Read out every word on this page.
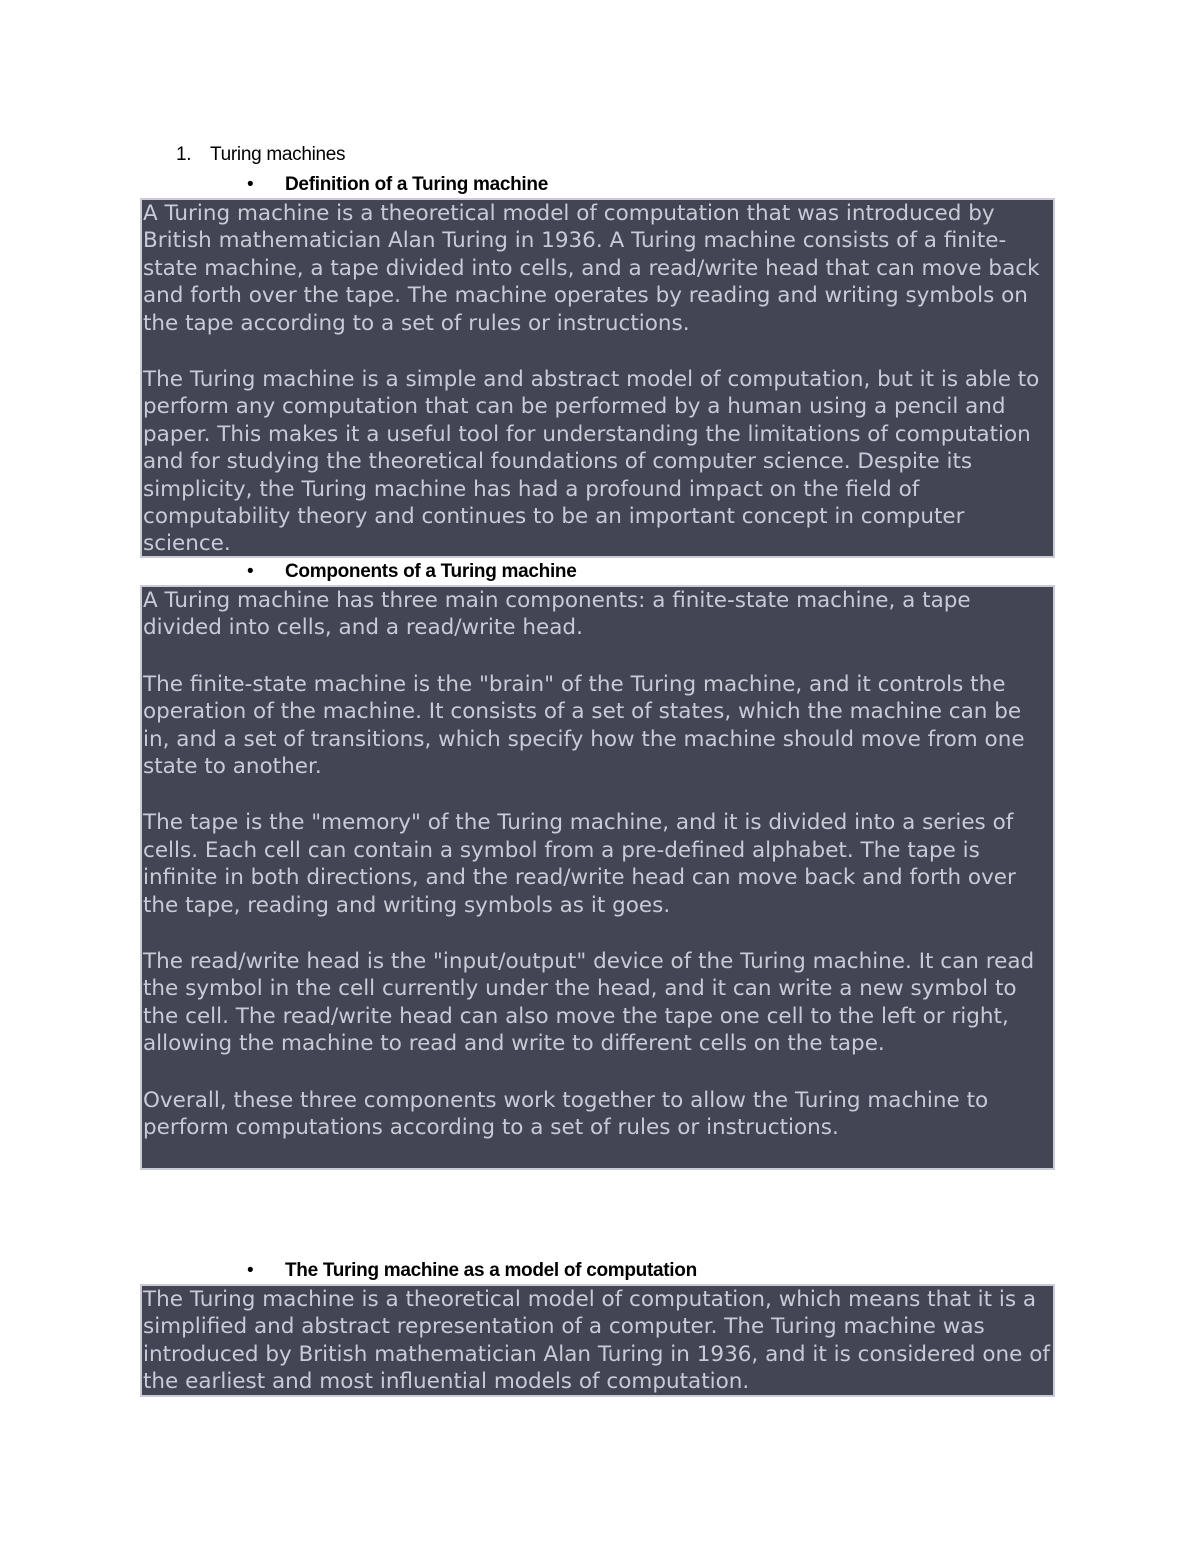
1. Turing machines
• Definition of a Turing machine

A Turing machine is a theoretical model of computation that was introduced by British mathematician Alan Turing in 1936. A Turing machine consists of a finite-state machine, a tape divided into cells, and a read/write head that can move back and forth over the tape. The machine operates by reading and writing symbols on the tape according to a set of rules or instructions.

The Turing machine is a simple and abstract model of computation, but it is able to perform any computation that can be performed by a human using a pencil and paper. This makes it a useful tool for understanding the limitations of computation and for studying the theoretical foundations of computer science. Despite its simplicity, the Turing machine has had a profound impact on the field of computability theory and continues to be an important concept in computer science.

• Components of a Turing machine

A Turing machine has three main components: a finite-state machine, a tape divided into cells, and a read/write head.

The finite-state machine is the "brain" of the Turing machine, and it controls the operation of the machine. It consists of a set of states, which the machine can be in, and a set of transitions, which specify how the machine should move from one state to another.

The tape is the "memory" of the Turing machine, and it is divided into a series of cells. Each cell can contain a symbol from a pre-defined alphabet. The tape is infinite in both directions, and the read/write head can move back and forth over the tape, reading and writing symbols as it goes.

The read/write head is the "input/output" device of the Turing machine. It can read the symbol in the cell currently under the head, and it can write a new symbol to the cell. The read/write head can also move the tape one cell to the left or right, allowing the machine to read and write to different cells on the tape.

Overall, these three components work together to allow the Turing machine to perform computations according to a set of rules or instructions.

• The Turing machine as a model of computation

The Turing machine is a theoretical model of computation, which means that it is a simplified and abstract representation of a computer. The Turing machine was introduced by British mathematician Alan Turing in 1936, and it is considered one of the earliest and most influential models of computation.
